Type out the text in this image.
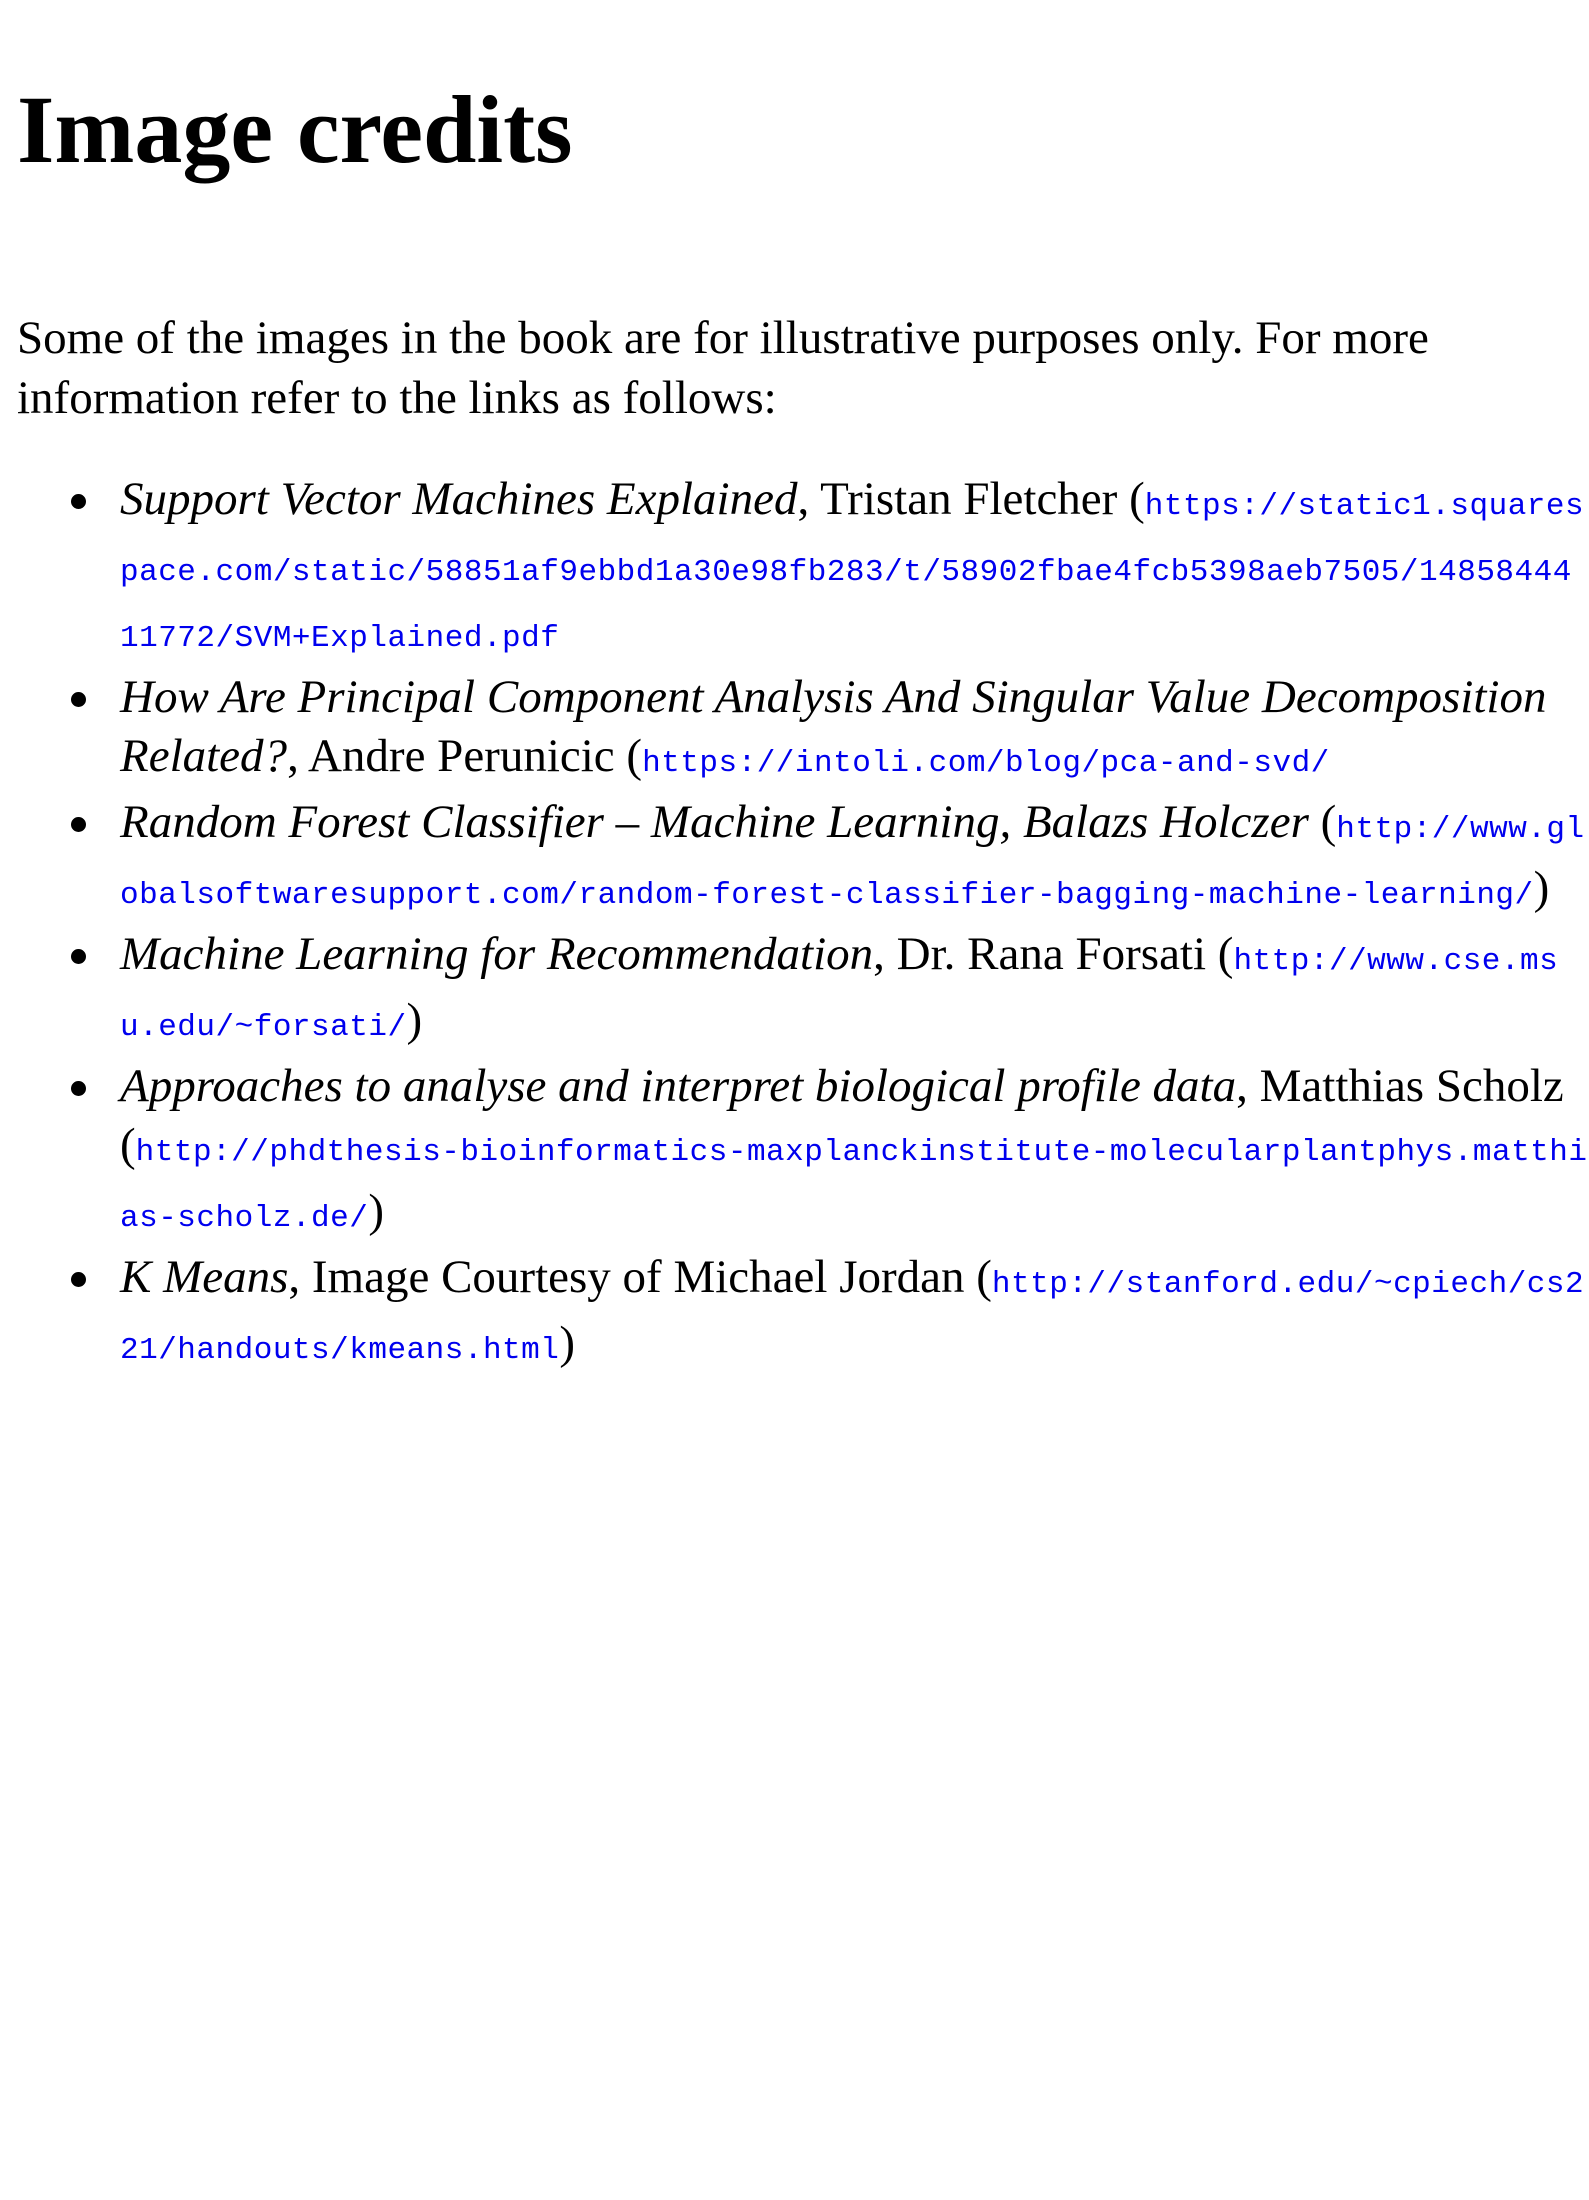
Image credits

Some of the images in the book are for illustrative purposes only. For more information refer to the links as follows:

Support Vector Machines Explained, Tristan Fletcher (https://static1.squarespace.com/static/58851af9ebbd1a30e98fb283/t/58902fbae4fcb5398aeb7505/1485844411772/SVM+Explained.pdf
How Are Principal Component Analysis And Singular Value Decomposition Related?, Andre Perunicic (https://intoli.com/blog/pca-and-svd/
Random Forest Classifier – Machine Learning, Balazs Holczer (http://www.globalsoftwaresupport.com/random-forest-classifier-bagging-machine-learning/)
Machine Learning for Recommendation, Dr. Rana Forsati (http://www.cse.msu.edu/~forsati/)
Approaches to analyse and interpret biological profile data, Matthias Scholz (http://phdthesis-bioinformatics-maxplanckinstitute-molecularplantphys.matthias-scholz.de/)
K Means, Image Courtesy of Michael Jordan (http://stanford.edu/~cpiech/cs221/handouts/kmeans.html)
